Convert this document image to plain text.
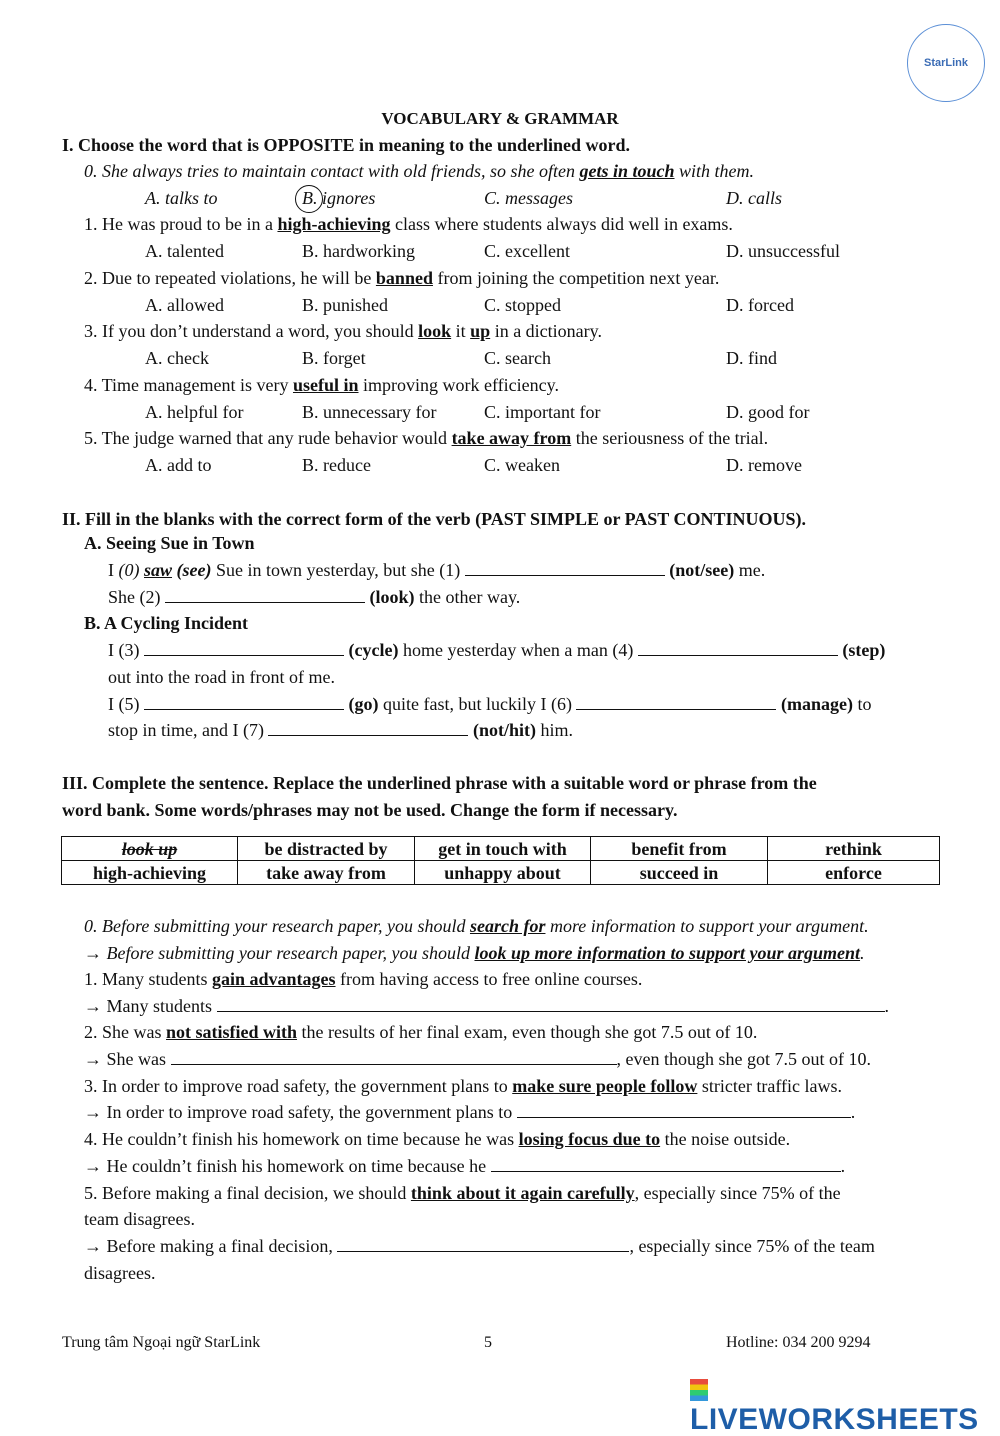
StarLink
VOCABULARY & GRAMMAR
I. Choose the word that is OPPOSITE in meaning to the underlined word.
0. She always tries to maintain contact with old friends, so she often gets in touch with them.
A. talks to	B. ignores	C. messages	D. calls
1. He was proud to be in a high-achieving class where students always did well in exams.
A. talented	B. hardworking	C. excellent	D. unsuccessful
2. Due to repeated violations, he will be banned from joining the competition next year.
A. allowed	B. punished	C. stopped	D. forced
3. If you don’t understand a word, you should look it up in a dictionary.
A. check	B. forget	C. search	D. find
4. Time management is very useful in improving work efficiency.
A. helpful for	B. unnecessary for	C. important for	D. good for
5. The judge warned that any rude behavior would take away from the seriousness of the trial.
A. add to	B. reduce	C. weaken	D. remove
II. Fill in the blanks with the correct form of the verb (PAST SIMPLE or PAST CONTINUOUS).
A. Seeing Sue in Town
I (0) saw (see) Sue in town yesterday, but she (1)	(not/see) me.
She (2)	(look) the other way.
B. A Cycling Incident
I (3)	(cycle) home yesterday when a man (4)	(step)
out into the road in front of me.
I (5)	(go) quite fast, but luckily I (6)	(manage) to
stop in time, and I (7)	(not/hit) him.
III. Complete the sentence. Replace the underlined phrase with a suitable word or phrase from the
word bank. Some words/phrases may not be used. Change the form if necessary.
look up	be distracted by	get in touch with	benefit from	rethink
high-achieving	take away from	unhappy about	succeed in	enforce
0. Before submitting your research paper, you should search for more information to support your argument.
→ Before submitting your research paper, you should look up more information to support your argument.
1. Many students gain advantages from having access to free online courses.
→ Many students	.
2. She was not satisfied with the results of her final exam, even though she got 7.5 out of 10.
→ She was	, even though she got 7.5 out of 10.
3. In order to improve road safety, the government plans to make sure people follow stricter traffic laws.
→ In order to improve road safety, the government plans to	.
4. He couldn’t finish his homework on time because he was losing focus due to the noise outside.
→ He couldn’t finish his homework on time because he	.
5. Before making a final decision, we should think about it again carefully, especially since 75% of the
team disagrees.
→ Before making a final decision,	, especially since 75% of the team
disagrees.
Trung tâm Ngoại ngữ StarLink	5	Hotline: 034 200 9294
LIVEWORKSHEETS
